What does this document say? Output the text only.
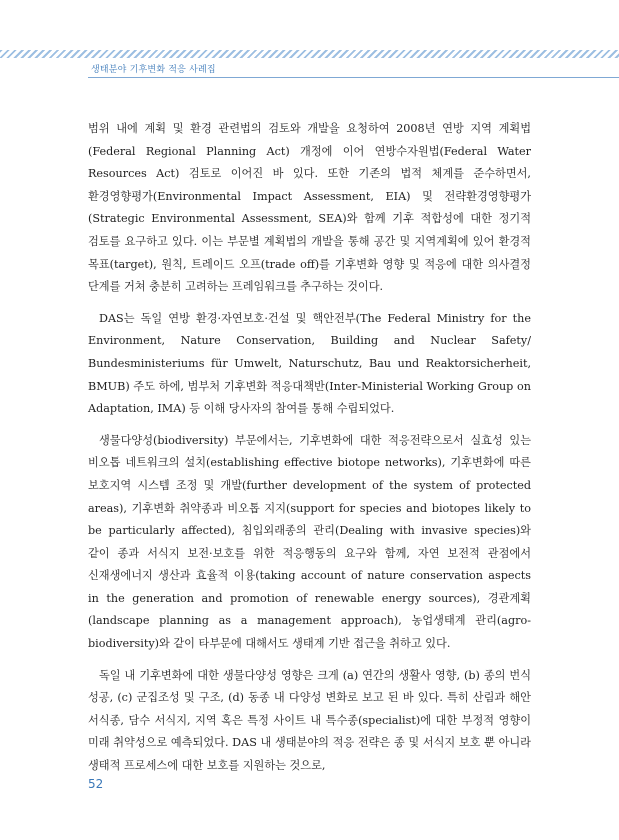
생태분야 기후변화 적응 사례집

범위 내에 계획 및 환경 관련법의 검토와 개발을 요청하여 2008년 연방 지역 계획법(Federal Regional Planning Act) 개정에 이어 연방수자원법(Federal Water Resources Act) 검토로 이어진 바 있다. 또한 기존의 법적 체계를 준수하면서, 환경영향평가(Environmental Impact Assessment, EIA) 및 전략환경영향평가(Strategic Environmental Assessment, SEA)와 함께 기후 적합성에 대한 정기적 검토를 요구하고 있다. 이는 부문별 계획법의 개발을 통해 공간 및 지역계획에 있어 환경적 목표(target), 원칙, 트레이드 오프(trade off)를 기후변화 영향 및 적응에 대한 의사결정 단계를 거쳐 충분히 고려하는 프레임워크를 추구하는 것이다.

DAS는 독일 연방 환경·자연보호·건설 및 핵안전부(The Federal Ministry for the Environment, Nature Conservation, Building and Nuclear Safety/ Bundesministeriums für Umwelt, Naturschutz, Bau und Reaktorsicherheit, BMUB) 주도 하에, 범부처 기후변화 적응대책반(Inter-Ministerial Working Group on Adaptation, IMA) 등 이해 당사자의 참여를 통해 수립되었다.

생물다양성(biodiversity) 부문에서는, 기후변화에 대한 적응전략으로서 실효성 있는 비오톱 네트워크의 설치(establishing effective biotope networks), 기후변화에 따른 보호지역 시스템 조정 및 개발(further development of the system of protected areas), 기후변화 취약종과 비오톱 지지(support for species and biotopes likely to be particularly affected), 침입외래종의 관리(Dealing with invasive species)와 같이 종과 서식지 보전·보호를 위한 적응행동의 요구와 함께, 자연 보전적 관점에서 신재생에너지 생산과 효율적 이용(taking account of nature conservation aspects in the generation and promotion of renewable energy sources), 경관계획(landscape planning as a management approach), 농업생태계 관리(agro-biodiversity)와 같이 타부문에 대해서도 생태계 기반 접근을 취하고 있다.

독일 내 기후변화에 대한 생물다양성 영향은 크게 (a) 연간의 생활사 영향, (b) 종의 번식 성공, (c) 군집조성 및 구조, (d) 동종 내 다양성 변화로 보고 된 바 있다. 특히 산림과 해안 서식종, 담수 서식지, 지역 혹은 특정 사이트 내 특수종(specialist)에 대한 부정적 영향이 미래 취약성으로 예측되었다. DAS 내 생태분야의 적응 전략은 종 및 서식지 보호 뿐 아니라 생태적 프로세스에 대한 보호를 지원하는 것으로,

52
